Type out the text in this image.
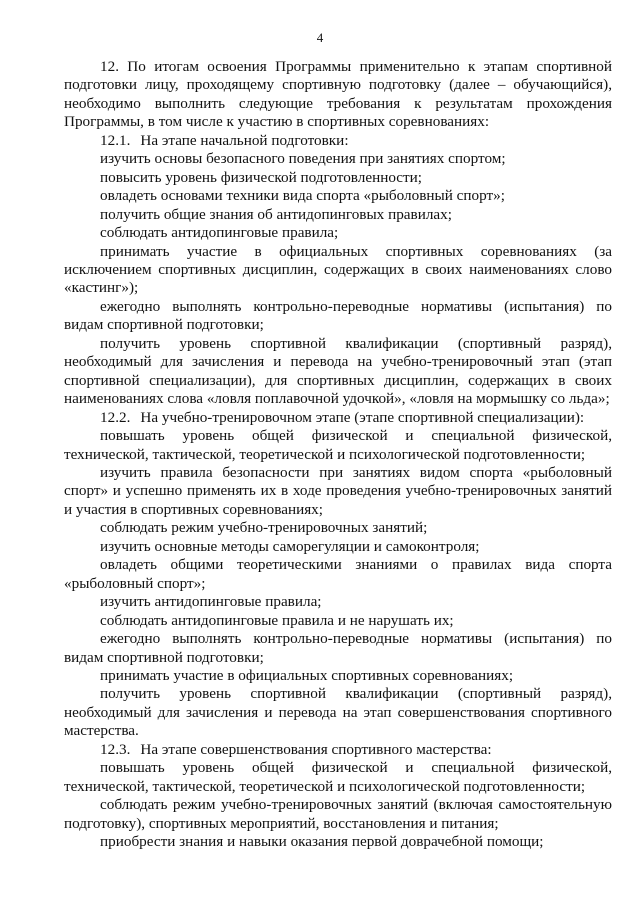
4

12. По итогам освоения Программы применительно к этапам спортивной подготовки лицу, проходящему спортивную подготовку (далее – обучающийся), необходимо выполнить следующие требования к результатам прохождения Программы, в том числе к участию в спортивных соревнованиях:

12.1. На этапе начальной подготовки:

изучить основы безопасного поведения при занятиях спортом;

повысить уровень физической подготовленности;

овладеть основами техники вида спорта «рыболовный спорт»;

получить общие знания об антидопинговых правилах;

соблюдать антидопинговые правила;

принимать участие в официальных спортивных соревнованиях (за исключением спортивных дисциплин, содержащих в своих наименованиях слово «кастинг»);

ежегодно выполнять контрольно-переводные нормативы (испытания) по видам спортивной подготовки;

получить уровень спортивной квалификации (спортивный разряд), необходимый для зачисления и перевода на учебно-тренировочный этап (этап спортивной специализации), для спортивных дисциплин, содержащих в своих наименованиях слова «ловля поплавочной удочкой», «ловля на мормышку со льда»;

12.2. На учебно-тренировочном этапе (этапе спортивной специализации):

повышать уровень общей физической и специальной физической, технической, тактической, теоретической и психологической подготовленности;

изучить правила безопасности при занятиях видом спорта «рыболовный спорт» и успешно применять их в ходе проведения учебно-тренировочных занятий и участия в спортивных соревнованиях;

соблюдать режим учебно-тренировочных занятий;

изучить основные методы саморегуляции и самоконтроля;

овладеть общими теоретическими знаниями о правилах вида спорта «рыболовный спорт»;

изучить антидопинговые правила;

соблюдать антидопинговые правила и не нарушать их;

ежегодно выполнять контрольно-переводные нормативы (испытания) по видам спортивной подготовки;

принимать участие в официальных спортивных соревнованиях;

получить уровень спортивной квалификации (спортивный разряд), необходимый для зачисления и перевода на этап совершенствования спортивного мастерства.

12.3. На этапе совершенствования спортивного мастерства:

повышать уровень общей физической и специальной физической, технической, тактической, теоретической и психологической подготовленности;

соблюдать режим учебно-тренировочных занятий (включая самостоятельную подготовку), спортивных мероприятий, восстановления и питания;

приобрести знания и навыки оказания первой доврачебной помощи;
